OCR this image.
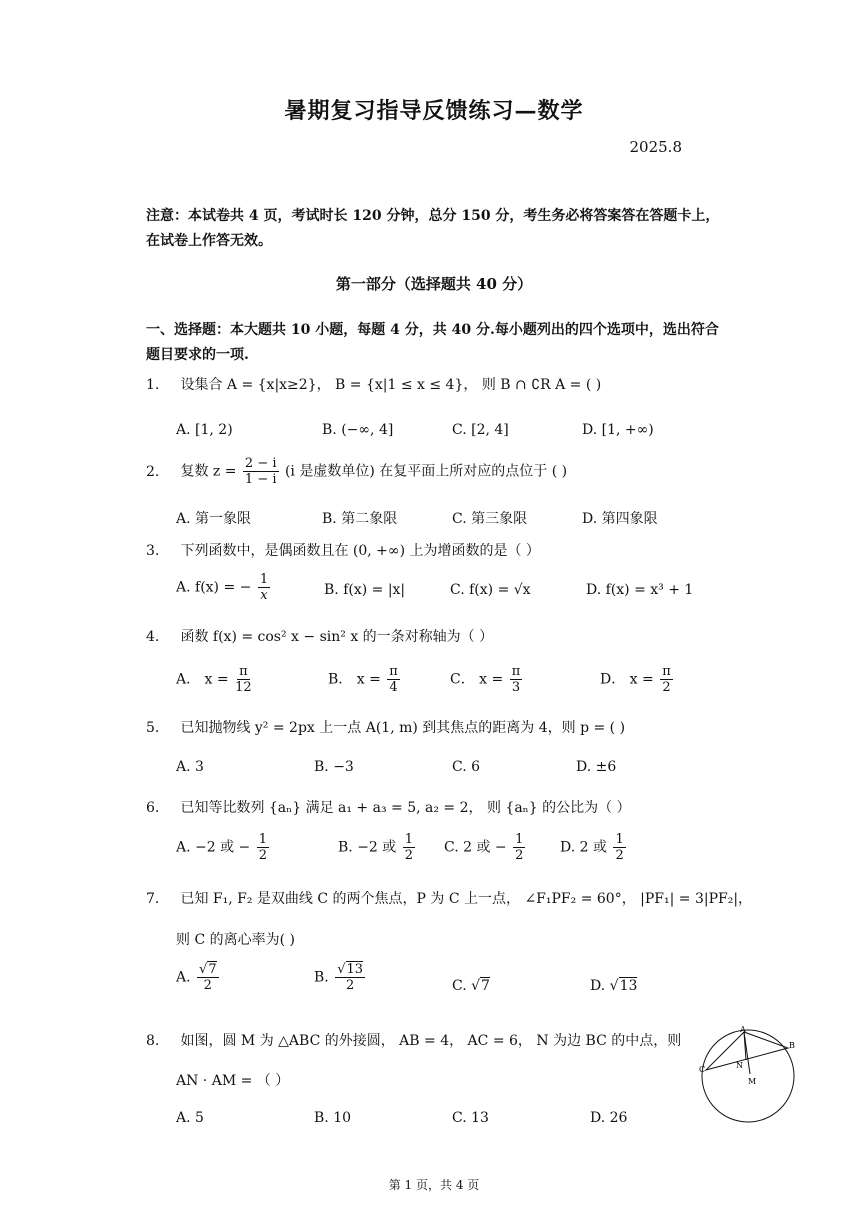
暑期复习指导反馈练习—数学
2025.8
注意：本试卷共 4 页，考试时长 120 分钟，总分 150 分，考生务必将答案答在答题卡上，在试卷上作答无效。
第一部分（选择题共 40 分）
一、选择题：本大题共 10 小题，每题 4 分，共 40 分.每小题列出的四个选项中，选出符合题目要求的一项.
1. 设集合 A = {x|x≥2}， B = {x|1 ≤ x ≤ 4}， 则 B ∩ ∁R A = ( )
A. [1, 2)	B. (−∞, 4]	C. [2, 4]	D. [1, +∞)
2. 复数 $z = \frac{2 - i}{1 - i} (i$ 是虚数单位) 在复平面上所对应的点位于 ( )
A. 第一象限	B. 第二象限	C. 第三象限	D. 第四象限
3. 下列函数中，是偶函数且在 (0, +∞) 上为增函数的是（ ）
A. f(x) = − $\frac{1}{x}$	B. f(x) = |x|	C. f(x) = √x	D. f(x) = x³ + 1
4. 函数 f(x) = cos² x − sin² x 的一条对称轴为（ ）
A． $x = \frac{\pi}{12}$	B． $x = \frac{\pi}{4}$	C． $x = \frac{\pi}{3}$	D． $x = \frac{\pi}{2}$
5. 已知抛物线 y² = 2px 上一点 A(1, m) 到其焦点的距离为 4，则 p = ( )
A. 3	B. −3	C. 6	D. ±6
6. 已知等比数列 {aₙ} 满足 a₁ + a₃ = 5, a₂ = 2， 则 {aₙ} 的公比为（ ）
A. −2 或 − $\frac{1}{2}$	B. −2 或 $\frac{1}{2} C$. 2 或 − $\frac{1}{2} D$. 2 或 $\frac{1}{2}$
7. 已知 F₁, F₂ 是双曲线 C 的两个焦点，P 为 C 上一点， ∠F₁PF₂ = 60°， |PF₁| = 3|PF₂|，
则 C 的离心率为( )
A. $\frac{√7}{2}$	B. $\frac{√13}{2}$	C. √7	D. √13
8. 如图，圆 M 为 △ABC 的外接圆， AB = 4， AC = 6， N 为边 BC 的中点，则
AN · AM = （ ）
A. 5	B. 10	C. 13	D. 26
A
B
C	N
M
第 1 页，共 4 页
